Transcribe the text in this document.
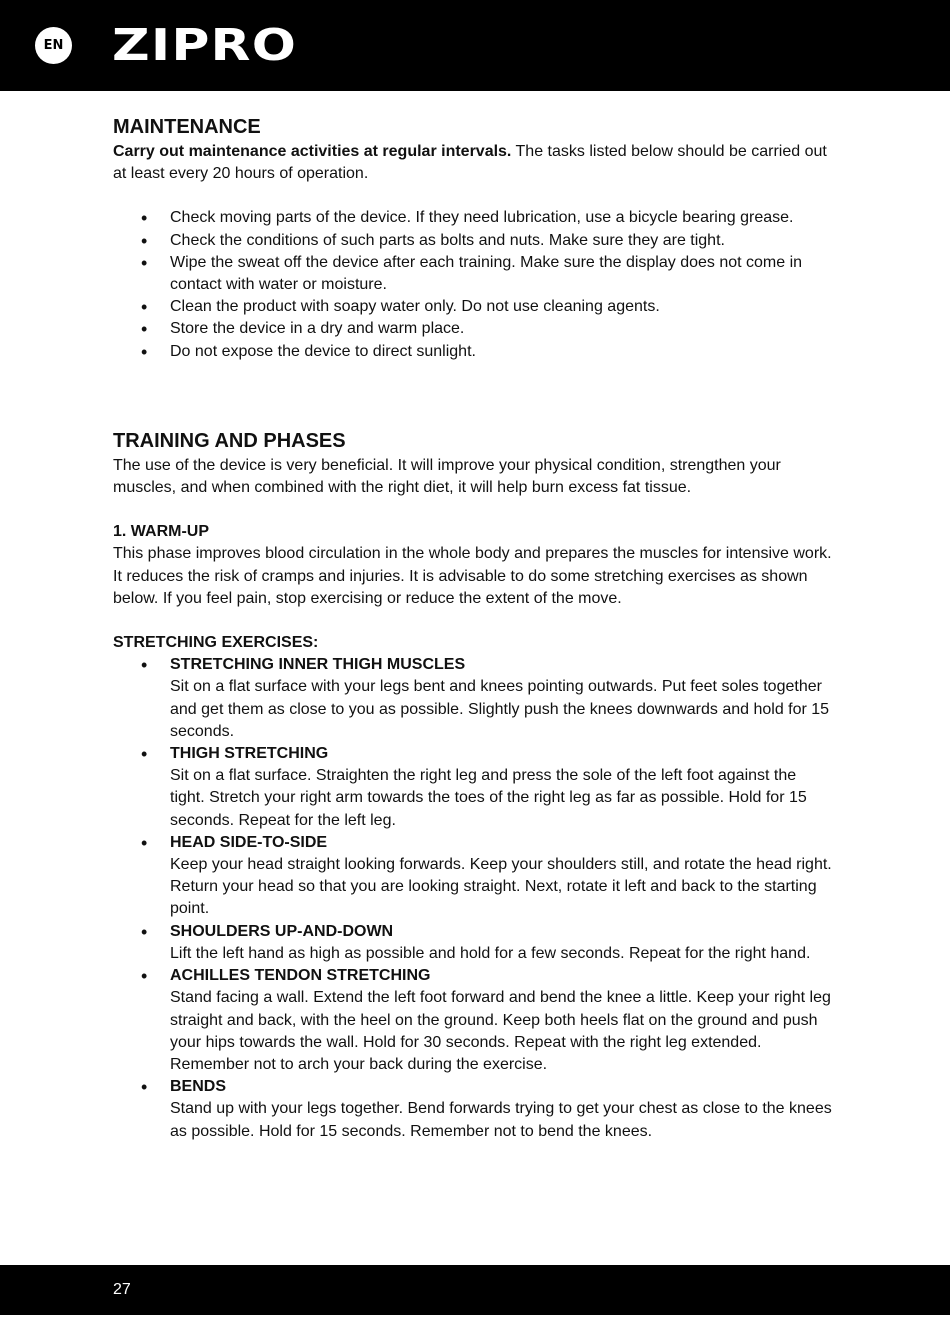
EN ZIPRO
MAINTENANCE

Carry out maintenance activities at regular intervals. The tasks listed below should be carried out at least every 20 hours of operation.

• Check moving parts of the device. If they need lubrication, use a bicycle bearing grease.
• Check the conditions of such parts as bolts and nuts. Make sure they are tight.
• Wipe the sweat off the device after each training. Make sure the display does not come in contact with water or moisture.
• Clean the product with soapy water only. Do not use cleaning agents.
• Store the device in a dry and warm place.
• Do not expose the device to direct sunlight.
TRAINING AND PHASES

The use of the device is very beneficial. It will improve your physical condition, strengthen your muscles, and when combined with the right diet, it will help burn excess fat tissue.

1. WARM-UP

This phase improves blood circulation in the whole body and prepares the muscles for intensive work. It reduces the risk of cramps and injuries. It is advisable to do some stretching exercises as shown below. If you feel pain, stop exercising or reduce the extent of the move.

STRETCHING EXERCISES:

• STRETCHING INNER THIGH MUSCLES
Sit on a flat surface with your legs bent and knees pointing outwards. Put feet soles together and get them as close to you as possible. Slightly push the knees downwards and hold for 15 seconds.
• THIGH STRETCHING
Sit on a flat surface. Straighten the right leg and press the sole of the left foot against the tight. Stretch your right arm towards the toes of the right leg as far as possible. Hold for 15 seconds. Repeat for the left leg.
• HEAD SIDE-TO-SIDE
Keep your head straight looking forwards. Keep your shoulders still, and rotate the head right. Return your head so that you are looking straight. Next, rotate it left and back to the starting point.
• SHOULDERS UP-AND-DOWN
Lift the left hand as high as possible and hold for a few seconds. Repeat for the right hand.
• ACHILLES TENDON STRETCHING
Stand facing a wall. Extend the left foot forward and bend the knee a little. Keep your right leg straight and back, with the heel on the ground. Keep both heels flat on the ground and push your hips towards the wall. Hold for 30 seconds. Repeat with the right leg extended. Remember not to arch your back during the exercise.
• BENDS
Stand up with your legs together. Bend forwards trying to get your chest as close to the knees as possible. Hold for 15 seconds. Remember not to bend the knees.
27
